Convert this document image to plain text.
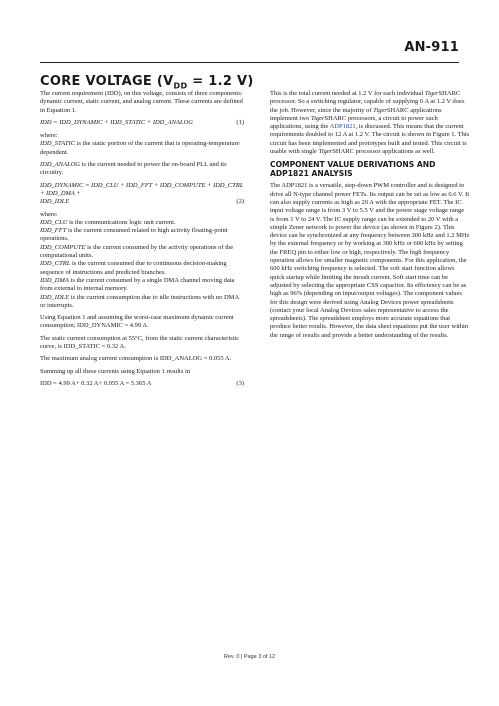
AN-911
CORE VOLTAGE ($V_{DD} = 1.2$ V)
The current requirement (IDD), on this voltage, consists of three components: dynamic current, static current, and analog current. These currents are defined in Equation 1.
IDD = IDD_DYNAMIC + IDD_STATIC + IDD_ANALOG	(1)
where:
IDD_STATIC is the static portion of the current that is operating-temperature dependent.
IDD_ANALOG is the current needed to power the on-board PLL and its circuitry.
IDD_DYNAMIC = IDD_CLU + IDD_FFT + IDD_COMPUTE + IDD_CTRL + IDD_DMA +
IDD_IDLE	(2)
where:
IDD_CLU is the communications logic unit current.
IDD_FFT is the current consumed related to high activity floating-point operations.
IDD_COMPUTE is the current consumed by the activity operations of the computational units.
IDD_CTRL is the current consumed due to continuous decision-making sequence of instructions and predicted branches.
IDD_DMA is the current consumed by a single DMA channel moving data from external to internal memory.
IDD_IDLE is the current consumption due to idle instructions with no DMA or interrupts.
Using Equation 1 and assuming the worst-case maximum dynamic current consumption; IDD_DYNAMIC = 4.99 A.
The static current consumption at 55°C, from the static current characteristic curve, is IDD_STATIC = 0.32 A.
The maximum analog current consumption is IDD_ANALOG = 0.055 A.
Summing up all these currents using Equation 1 results in
IDD = 4.99 A+ 0.32 A+ 0.055 A = 5.365 A	(3)
This is the total current needed at 1.2 V for each individual TigerSHARC processor. So a switching regulator, capable of supplying 6 A at 1.2 V does the job. However, since the majority of TigerSHARC applications implement two TigerSHARC processors, a circuit to power such applications, using the ADP1821, is discussed. This means that the current requirements doubled to 12 A at 1.2 V. The circuit is shown in Figure 1. This circuit has been implemented and prototypes built and tested. This circuit is usable with single TigerSHARC processor applications as well.
COMPONENT VALUE DERIVATIONS AND ADP1821 ANALYSIS
The ADP1821 is a versatile, step-down PWM controller and is designed to drive all N-type channel power FETs. Its output can be set as low as 0.6 V. It can also supply currents as high as 20 A with the appropriate FET. The IC input voltage range is from 3 V to 5.5 V and the power stage voltage range is from 1 V to 24 V. The IC supply range can be extended to 20 V with a simple Zener network to power the device (as shown in Figure 2). This device can be synchronized at any frequency between 300 kHz and 1.2 MHz by the external frequency or by working at 300 kHz or 600 kHz by setting the FREQ pin to either low or high, respectively. The high frequency operation allows for smaller magnetic components. For this application, the 600 kHz switching frequency is selected. The soft start function allows quick startup while limiting the inrush current. Soft start time can be adjusted by selecting the appropriate CSS capacitor. Its efficiency can be as high as 96% (depending on input/output voltages). The component values for this design were derived using Analog Devices power spreadsheets (contact your local Analog Devices sales representative to access the spreadsheets). The spreadsheet employs more accurate equations that produce better results. However, the data sheet equations put the user within the range of results and provide a better understanding of the results.
Rev. 0 | Page 3 of 12
